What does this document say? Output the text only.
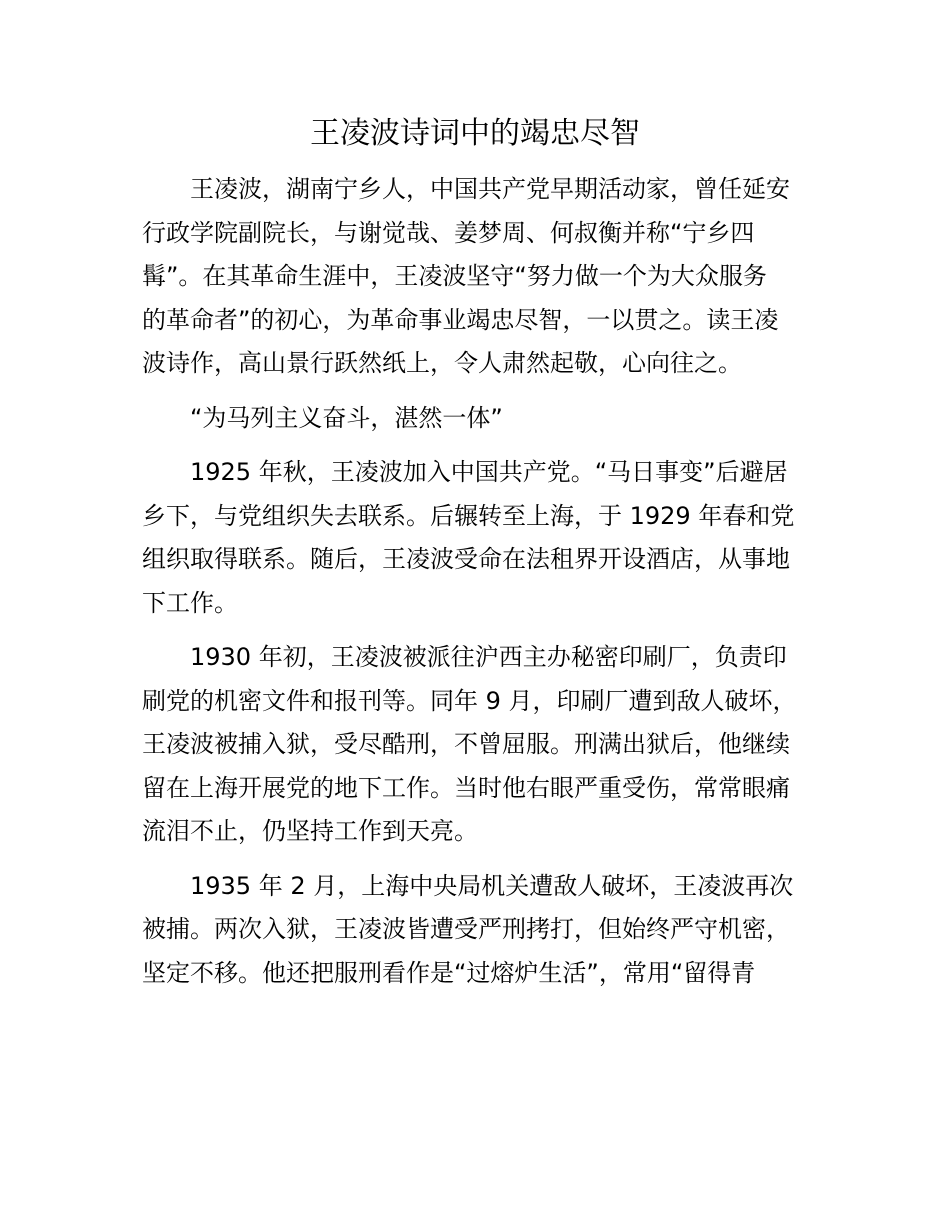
王凌波诗词中的竭忠尽智
王凌波，湖南宁乡人，中国共产党早期活动家，曾任延安
行政学院副院长，与谢觉哉、姜梦周、何叔衡并称“宁乡四
髯”。在其革命生涯中，王凌波坚守“努力做一个为大众服务
的革命者”的初心，为革命事业竭忠尽智，一以贯之。读王凌
波诗作，高山景行跃然纸上，令人肃然起敬，心向往之。
“为马列主义奋斗，湛然一体”
1925 年秋，王凌波加入中国共产党。“马日事变”后避居
乡下，与党组织失去联系。后辗转至上海，于 1929 年春和党
组织取得联系。随后，王凌波受命在法租界开设酒店，从事地
下工作。
1930 年初，王凌波被派往沪西主办秘密印刷厂，负责印
刷党的机密文件和报刊等。同年 9 月，印刷厂遭到敌人破坏，
王凌波被捕入狱，受尽酷刑，不曾屈服。刑满出狱后，他继续
留在上海开展党的地下工作。当时他右眼严重受伤，常常眼痛
流泪不止，仍坚持工作到天亮。
1935 年 2 月，上海中央局机关遭敌人破坏，王凌波再次
被捕。两次入狱，王凌波皆遭受严刑拷打，但始终严守机密，
坚定不移。他还把服刑看作是“过熔炉生活”，常用“留得青
